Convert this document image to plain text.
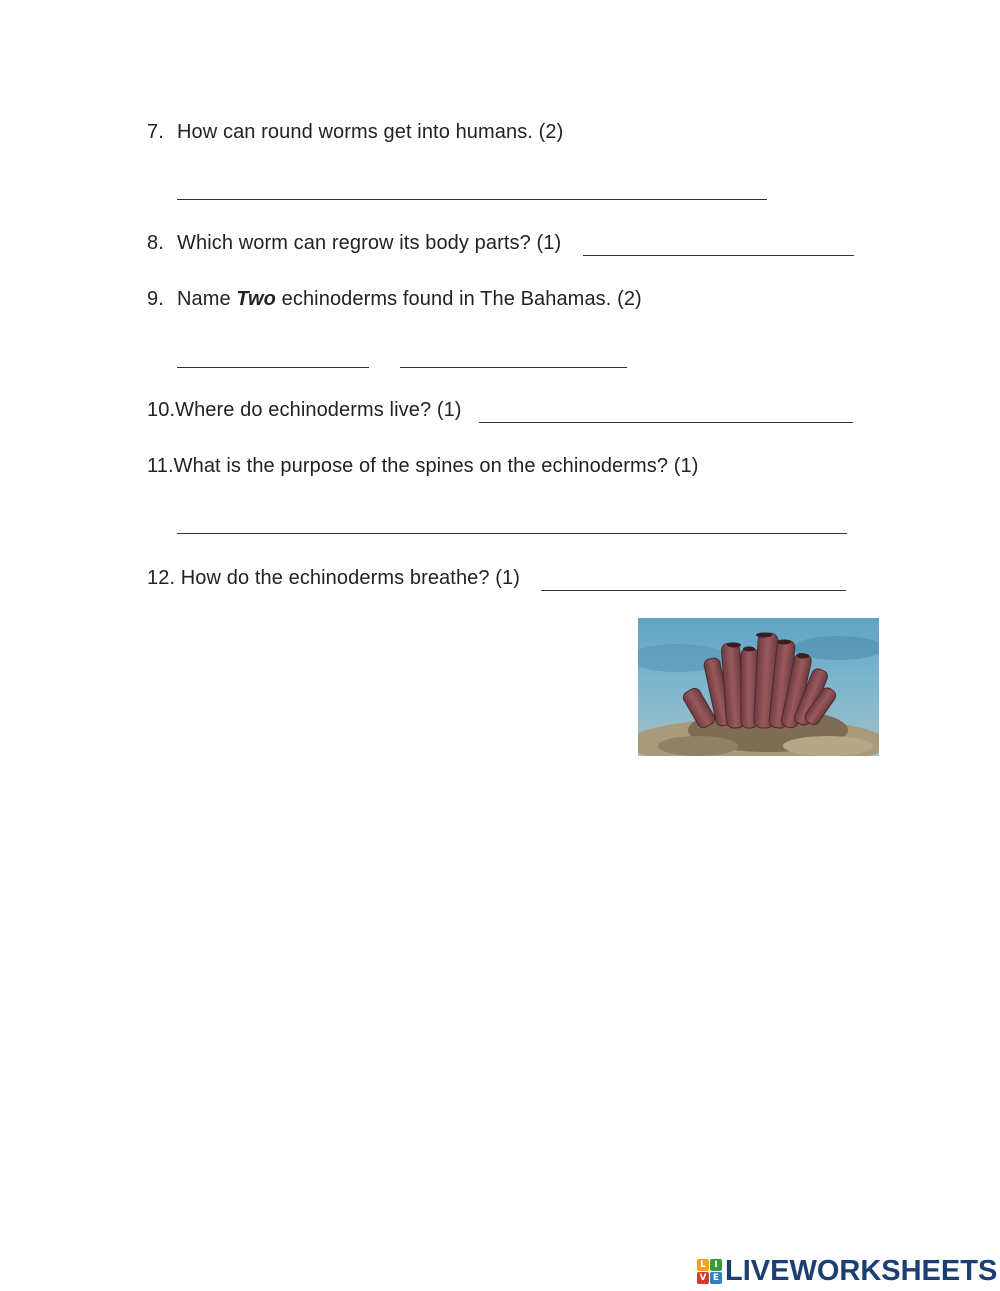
7. How can round worms get into humans. (2)
8. Which worm can regrow its body parts? (1)
9. Name Two echinoderms found in The Bahamas. (2)
10.Where do echinoderms live? (1)
11.What is the purpose of the spines on the echinoderms? (1)
12. How do the echinoderms breathe? (1)
L I
V E LIVEWORKSHEETS
